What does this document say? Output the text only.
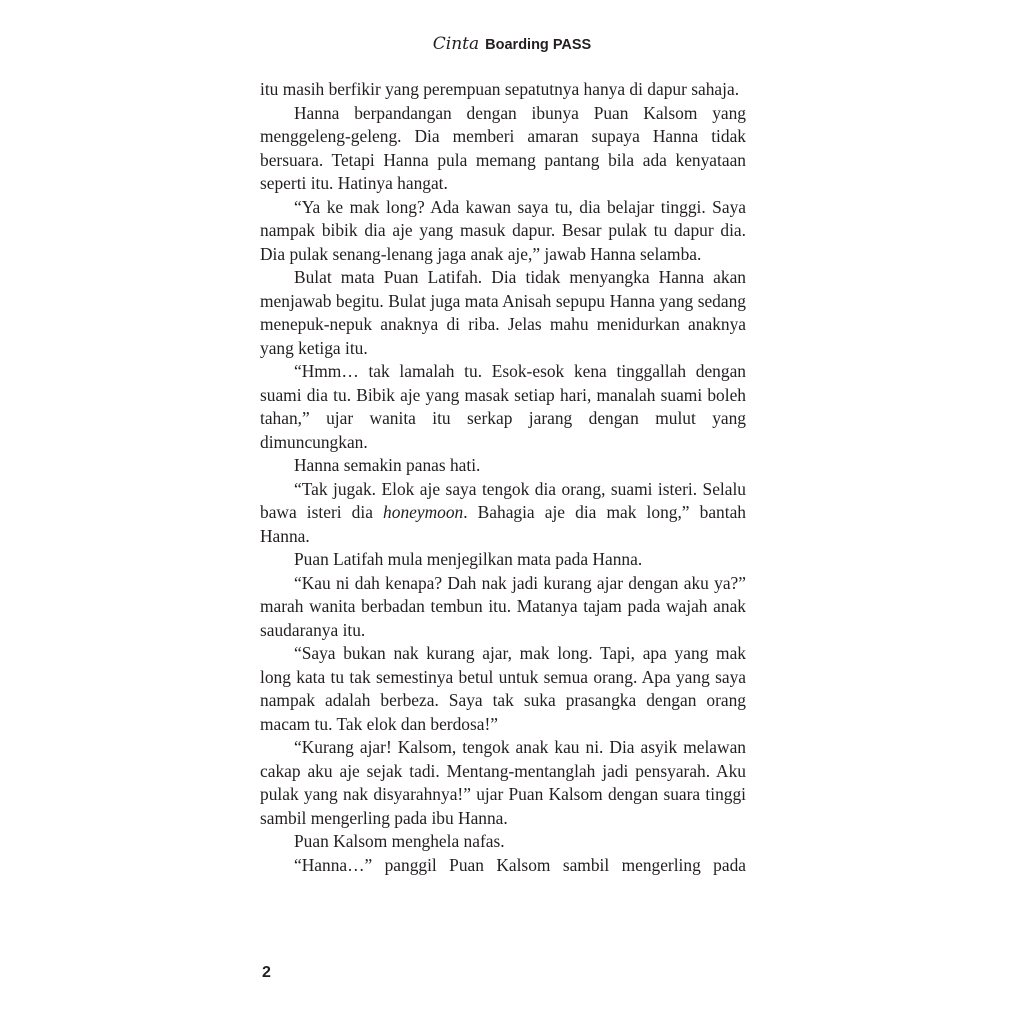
Cinta Boarding PASS

itu masih berfikir yang perempuan sepatutnya hanya di dapur sahaja.

Hanna berpandangan dengan ibunya Puan Kalsom yang menggeleng-geleng. Dia memberi amaran supaya Hanna tidak bersuara. Tetapi Hanna pula memang pantang bila ada kenyataan seperti itu. Hatinya hangat.

“Ya ke mak long? Ada kawan saya tu, dia belajar tinggi. Saya nampak bibik dia aje yang masuk dapur. Besar pulak tu dapur dia. Dia pulak senang-lenang jaga anak aje,” jawab Hanna selamba.

Bulat mata Puan Latifah. Dia tidak menyangka Hanna akan menjawab begitu. Bulat juga mata Anisah sepupu Hanna yang sedang menepuk-nepuk anaknya di riba. Jelas mahu menidurkan anaknya yang ketiga itu.

“Hmm… tak lamalah tu. Esok-esok kena tinggallah dengan suami dia tu. Bibik aje yang masak setiap hari, manalah suami boleh tahan,” ujar wanita itu serkap jarang dengan mulut yang dimuncungkan.

Hanna semakin panas hati.

“Tak jugak. Elok aje saya tengok dia orang, suami isteri. Selalu bawa isteri dia honeymoon. Bahagia aje dia mak long,” bantah Hanna.

Puan Latifah mula menjegilkan mata pada Hanna.

“Kau ni dah kenapa? Dah nak jadi kurang ajar dengan aku ya?” marah wanita berbadan tembun itu. Matanya tajam pada wajah anak saudaranya itu.

“Saya bukan nak kurang ajar, mak long. Tapi, apa yang mak long kata tu tak semestinya betul untuk semua orang. Apa yang saya nampak adalah berbeza. Saya tak suka prasangka dengan orang macam tu. Tak elok dan berdosa!”

“Kurang ajar! Kalsom, tengok anak kau ni. Dia asyik melawan cakap aku aje sejak tadi. Mentang-mentanglah jadi pensyarah. Aku pulak yang nak disyarahnya!” ujar Puan Kalsom dengan suara tinggi sambil mengerling pada ibu Hanna.

Puan Kalsom menghela nafas.

“Hanna…” panggil Puan Kalsom sambil mengerling pada

2
